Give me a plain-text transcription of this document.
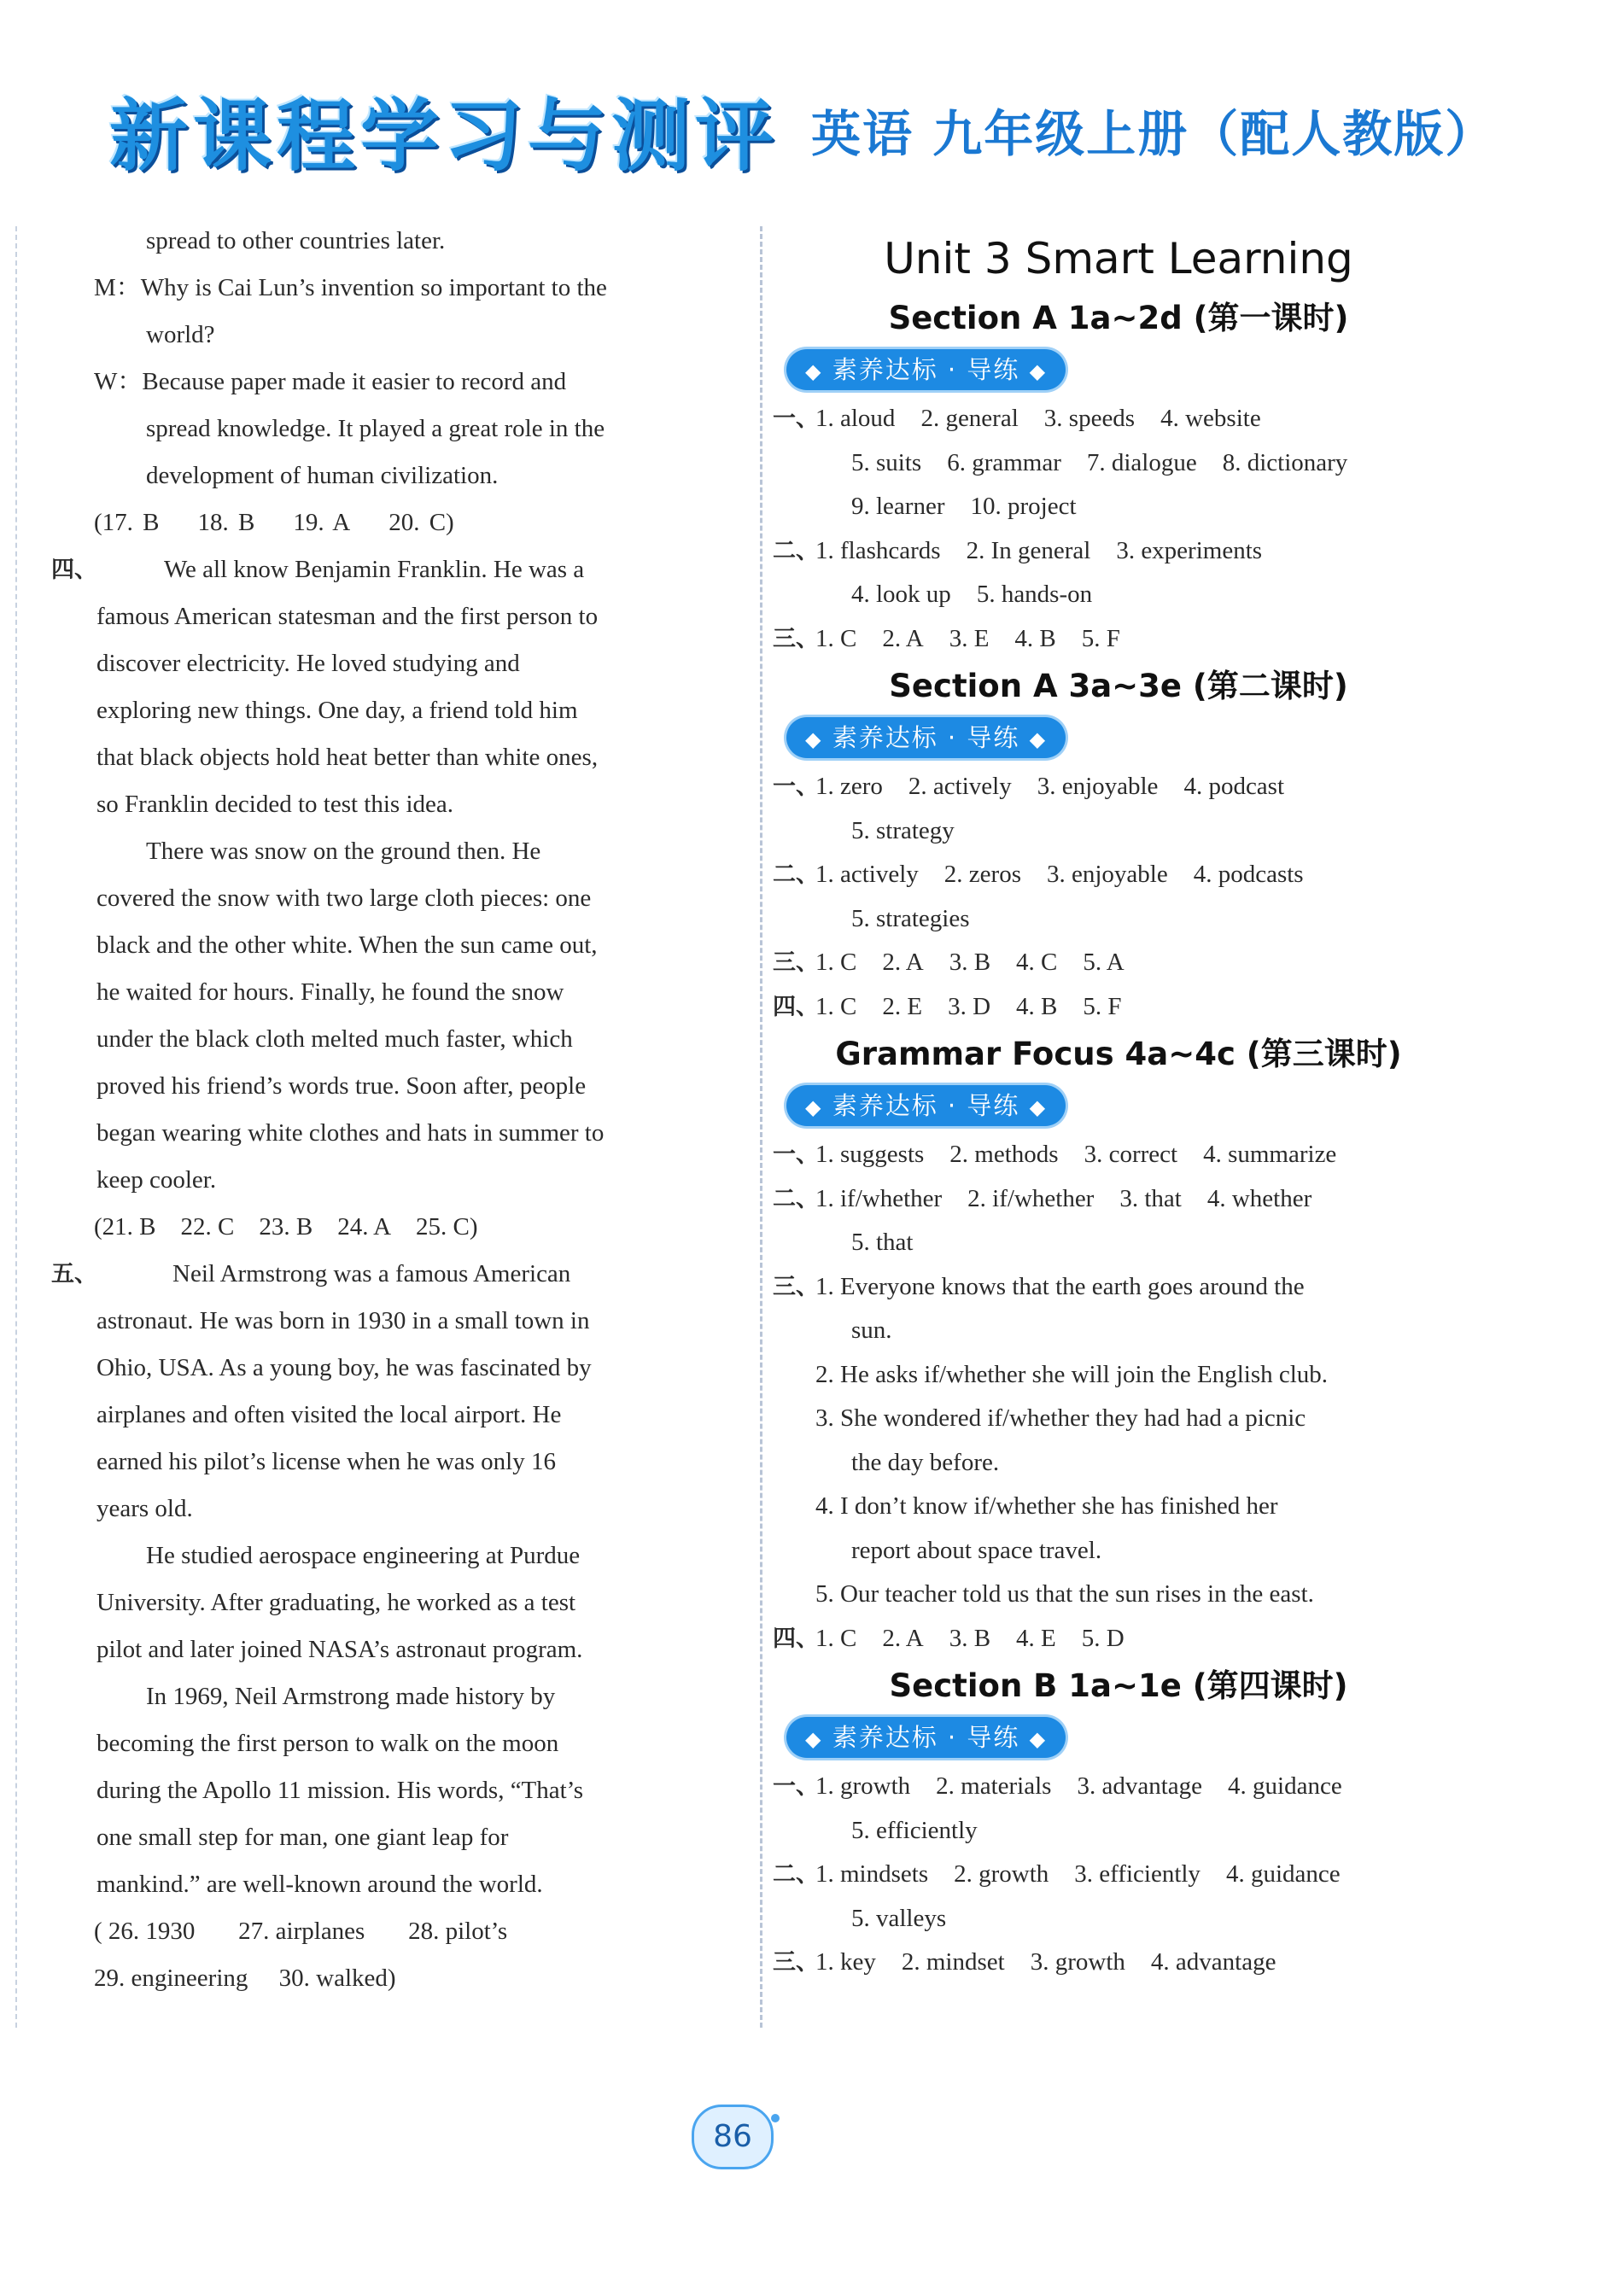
新课程学习与测评 英语 九年级上册（配人教版）
spread to other countries later.
M：Why is Cai Lun’s invention so important to the
world?
W： Because paper made it easier to record and
spread knowledge. It played a great role in the
development of human civilization.
(17. B 18. B 19. A 20. C)
四、	We all know Benjamin Franklin. He was a
famous American statesman and the first person to
discover electricity. He loved studying and
exploring new things. One day, a friend told him
that black objects hold heat better than white ones,
so Franklin decided to test this idea.
There was snow on the ground then. He
covered the snow with two large cloth pieces: one
black and the other white. When the sun came out,
he waited for hours. Finally, he found the snow
under the black cloth melted much faster, which
proved his friend’s words true. Soon after, people
began wearing white clothes and hats in summer to
keep cooler.
(21. B 22. C 23. B 24. A 25. C)
五、	Neil Armstrong was a famous American
astronaut. He was born in 1930 in a small town in
Ohio, USA. As a young boy, he was fascinated by
airplanes and often visited the local airport. He
earned his pilot’s license when he was only 16
years old.
He studied aerospace engineering at Purdue
University. After graduating, he worked as a test
pilot and later joined NASA’s astronaut program.
In 1969, Neil Armstrong made history by
becoming the first person to walk on the moon
during the Apollo 11 mission. His words, “That’s
one small step for man, one giant leap for
mankind.” are well-known around the world.
( 26. 1930 27. airplanes 28. pilot’s
29. engineering 30. walked)
Unit 3 Smart Learning
Section A 1a~2d (第一课时)
◆ 素养达标 · 导练 ◆
一、1. aloud 2. general 3. speeds 4. website
5. suits 6. grammar 7. dialogue 8. dictionary
9. learner 10. project
二、1. flashcards 2. In general 3. experiments
4. look up 5. hands-on
三、1. C 2. A 3. E 4. B 5. F
Section A 3a~3e (第二课时)
◆ 素养达标 · 导练 ◆
一、1. zero 2. actively 3. enjoyable 4. podcast
5. strategy
二、1. actively 2. zeros 3. enjoyable 4. podcasts
5. strategies
三、1. C 2. A 3. B 4. C 5. A
四、1. C 2. E 3. D 4. B 5. F
Grammar Focus 4a~4c (第三课时)
◆ 素养达标 · 导练 ◆
一、1. suggests 2. methods 3. correct 4. summarize
二、1. if/whether 2. if/whether 3. that 4. whether
5. that
三、1. Everyone knows that the earth goes around the
sun.
2. He asks if/whether she will join the English club.
3. She wondered if/whether they had had a picnic
the day before.
4. I don’t know if/whether she has finished her
report about space travel.
5. Our teacher told us that the sun rises in the east.
四、1. C 2. A 3. B 4. E 5. D
Section B 1a~1e (第四课时)
◆ 素养达标 · 导练 ◆
一、1. growth 2. materials 3. advantage 4. guidance
5. efficiently
二、1. mindsets 2. growth 3. efficiently 4. guidance
5. valleys
三、1. key 2. mindset 3. growth 4. advantage
86
